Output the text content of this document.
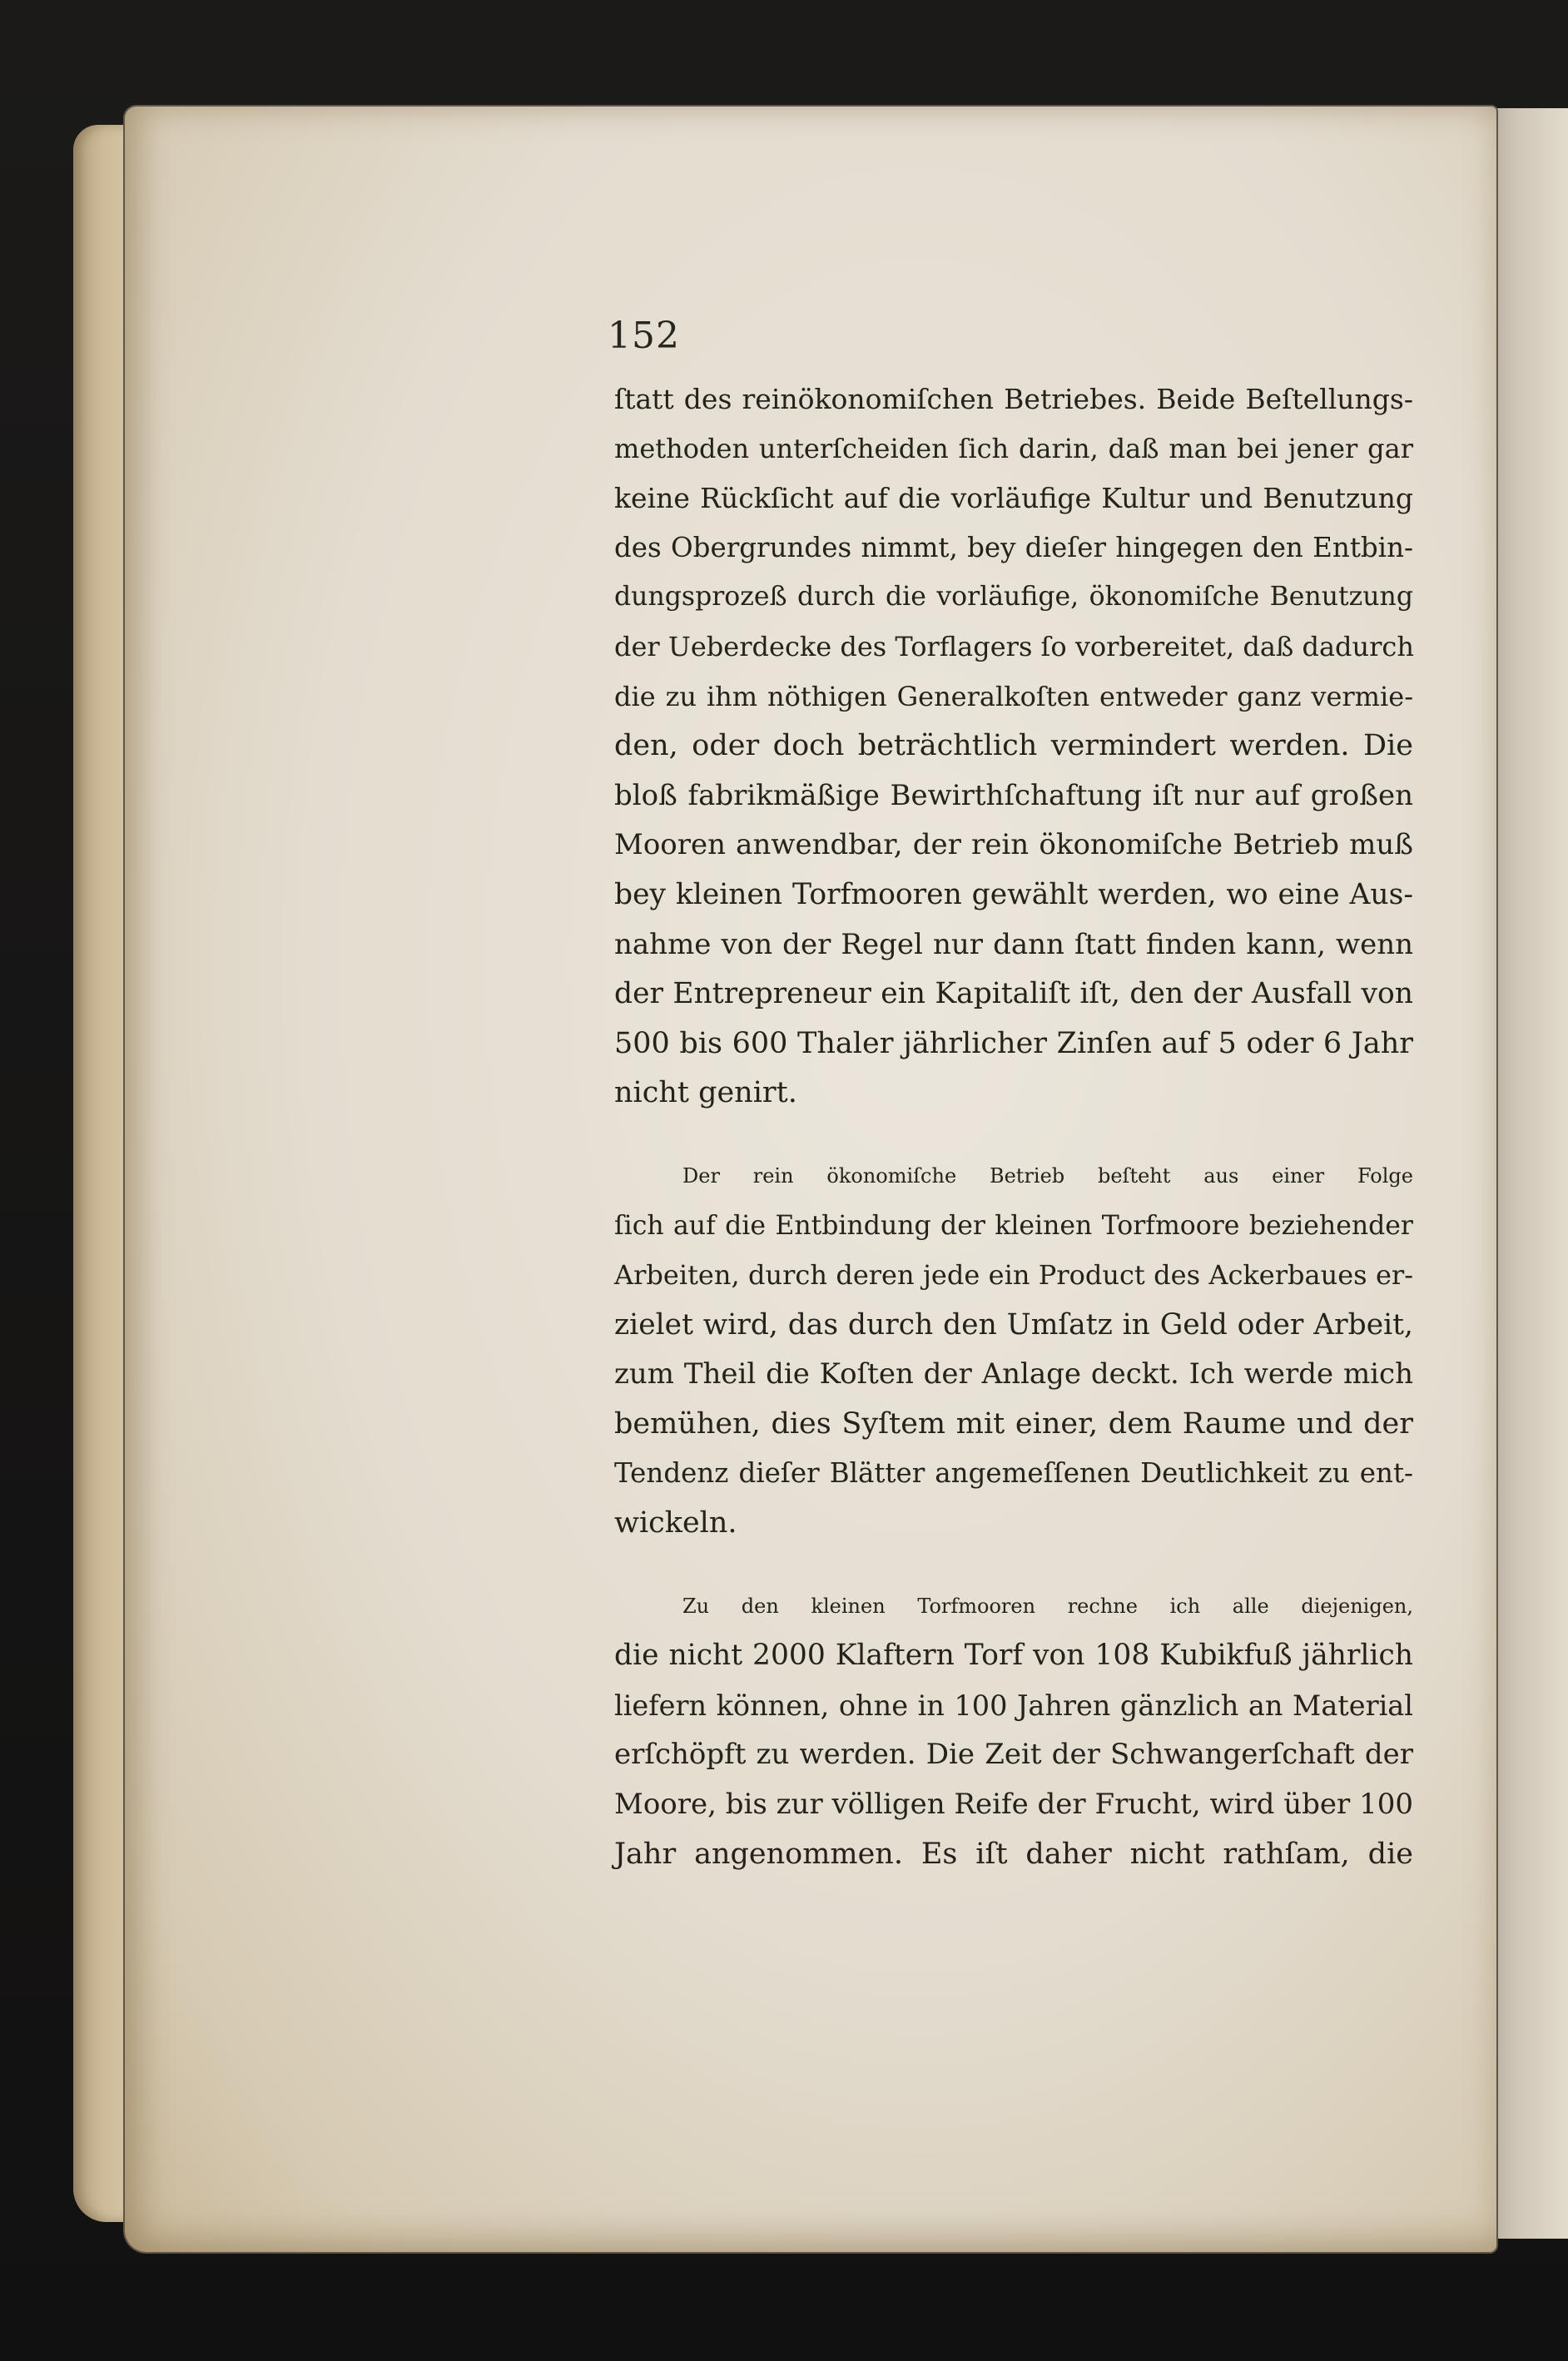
152
ſtatt des reinökonomiſchen Betriebes. Beide Beſtellungs-
methoden unterſcheiden ſich darin, daß man bei jener gar
keine Rückſicht auf die vorläufige Kultur und Benutzung
des Obergrundes nimmt, bey dieſer hingegen den Entbin-
dungsprozeß durch die vorläufige, ökonomiſche Benutzung
der Ueberdecke des Torflagers ſo vorbereitet, daß dadurch
die zu ihm nöthigen Generalkoſten entweder ganz vermie-
den, oder doch beträchtlich vermindert werden. Die
bloß fabrikmäßige Bewirthſchaftung iſt nur auf großen
Mooren anwendbar, der rein ökonomiſche Betrieb muß
bey kleinen Torfmooren gewählt werden, wo eine Aus-
nahme von der Regel nur dann ſtatt finden kann, wenn
der Entrepreneur ein Kapitaliſt iſt, den der Ausfall von
500 bis 600 Thaler jährlicher Zinſen auf 5 oder 6 Jahr
nicht genirt.
Der rein ökonomiſche Betrieb beſteht aus einer Folge
ſich auf die Entbindung der kleinen Torfmoore beziehender
Arbeiten, durch deren jede ein Product des Ackerbaues er-
zielet wird, das durch den Umſatz in Geld oder Arbeit,
zum Theil die Koſten der Anlage deckt. Ich werde mich
bemühen, dies Syſtem mit einer, dem Raume und der
Tendenz dieſer Blätter angemeſſenen Deutlichkeit zu ent-
wickeln.
Zu den kleinen Torfmooren rechne ich alle diejenigen,
die nicht 2000 Klaftern Torf von 108 Kubikfuß jährlich
liefern können, ohne in 100 Jahren gänzlich an Material
erſchöpft zu werden. Die Zeit der Schwangerſchaft der
Moore, bis zur völligen Reife der Frucht, wird über 100
Jahr angenommen. Es iſt daher nicht rathſam, die
